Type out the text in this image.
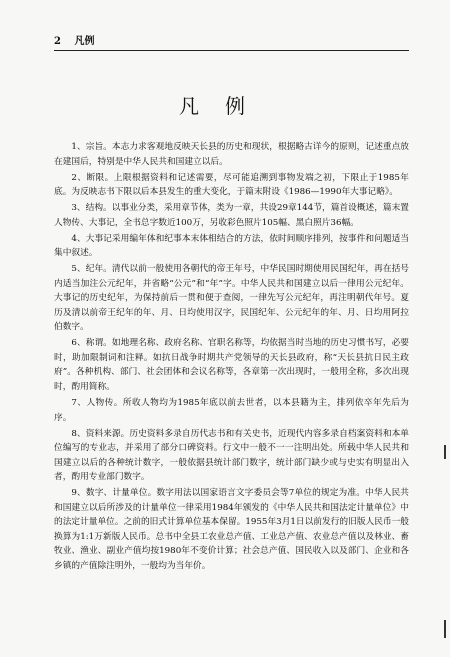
2 凡例
凡例

1、宗旨。本志力求客观地反映天长县的历史和现状，根据略古详今的原则，记述重点放在建国后，特别是中华人民共和国建立以后。

2、断限。上限根据资料和记述需要，尽可能追溯到事物发端之初，下限止于1985年底。为反映志书下限以后本县发生的重大变化，于篇末附设《1986—1990年大事记略》。

3、结构。以事业分类，采用章节体，类为一章，共设29章144节，篇首设概述，篇末置人物传、大事记，全书总字数近100万，另收彩色照片105幅、黑白照片36幅。

4、大事记采用编年体和纪事本末体相结合的方法，依时间顺序排列，按事件和问题适当集中叙述。

5、纪年。清代以前一般使用各朝代的帝王年号，中华民国时期使用民国纪年，再在括号内适当加注公元纪年，并省略“公元”和“年”字。中华人民共和国建立以后一律用公元纪年。大事记的历史纪年，为保持前后一贯和便于查阅，一律先写公元纪年，再注明朝代年号。夏历及清以前帝王纪年的年、月、日均使用汉字，民国纪年、公元纪年的年、月、日均用阿拉伯数字。

6、称谓。如地理名称、政府名称、官职名称等，均依据当时当地的历史习惯书写，必要时，助加限制词和注释。如抗日战争时期共产党领导的天长县政府，称“天长县抗日民主政府”。各种机构、部门、社会团体和会议名称等，各章第一次出现时，一般用全称，多次出现时，酌用简称。

7、人物传。所收人物均为1985年底以前去世者，以本县籍为主，排列依卒年先后为序。

8、资料来源。历史资料多录自历代志书和有关史书，近现代内容多录自档案资料和本单位编写的专业志，并采用了部分口碑资料。行文中一般不一一注明出处。所载中华人民共和国建立以后的各种统计数字，一般依据县统计部门数字，统计部门缺少或与史实有明显出入者，酌用专业部门数字。

9、数字、计量单位。数字用法以国家语言文字委员会等7单位的规定为准。中华人民共和国建立以后所涉及的计量单位一律采用1984年颁发的《中华人民共和国法定计量单位》中的法定计量单位。之前的旧式计算单位基本保留。1955年3月1日以前发行的旧版人民币一般换算为1:1万新版人民币。总书中全县工农业总产值、工业总产值、农业总产值以及林业、畜牧业、渔业、副业产值均按1980年不变价计算；社会总产值、国民收入以及部门、企业和各乡镇的产值除注明外，一般均为当年价。
